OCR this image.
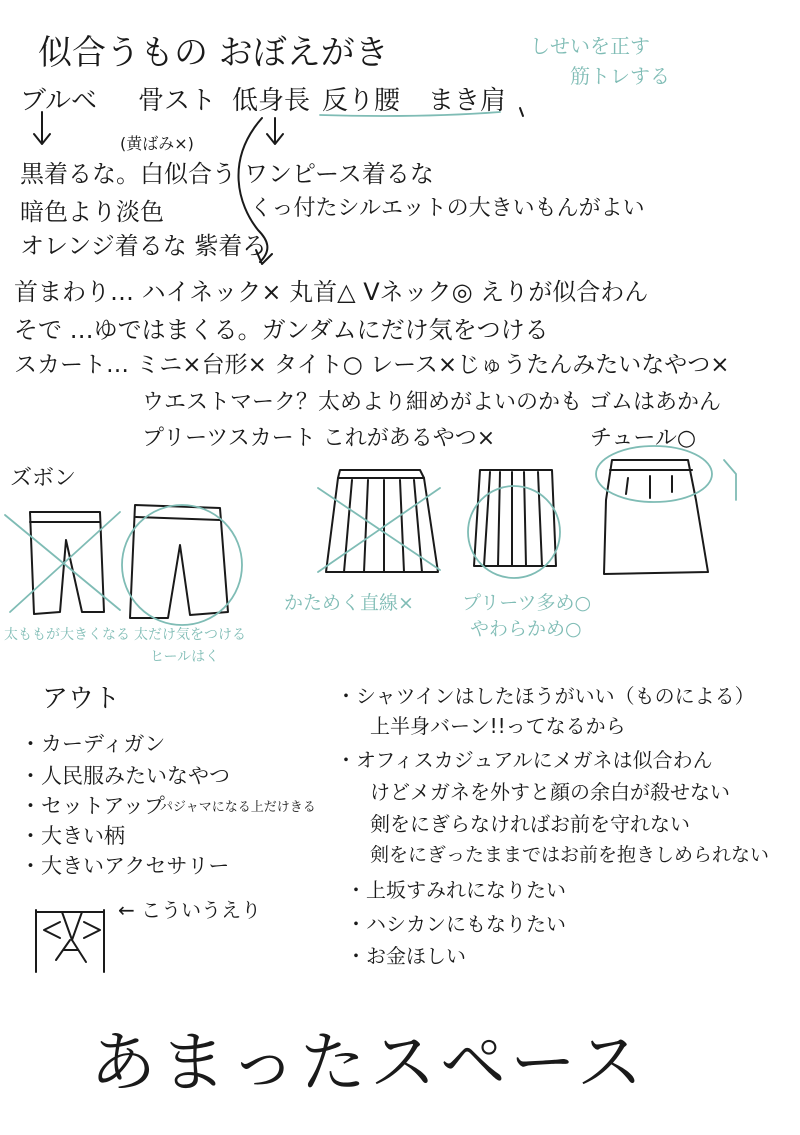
似合うもの おぼえがき	しせいを正す
筋トレする
ブルベ 骨スト 低身長 反り腰 まき肩
(黄ばみ×)
黒着るな。白似合う
暗色より淡色
オレンジ着るな 紫着ろ
ワンピース着るな
くっ付たシルエットの大きいもんがよい
首まわり… ハイネック× 丸首△ Vネック◎ えりが似合わん
そで …ゆではまくる。ガンダムにだけ気をつける
スカート… ミニ×台形× タイト○ レース×じゅうたんみたいなやつ×
ウエストマーク？太めより細めがよいのかも ゴムはあかん
プリーツスカート これがあるやつ×	チュール○
ズボン
太ももが大きくなる 太だけ気をつける
ヒールはく
かためく直線×	プリーツ多め○
やわらかめ○
アウト
・カーディガン
・人民服みたいなやつ
・セットアップ
パジャマになる上だけきる
・大きい柄
・大きいアクセサリー
← こういうえり
・シャツインはしたほうがいい（ものによる）
上半身バーン!!ってなるから
・オフィスカジュアルにメガネは似合わん
けどメガネを外すと顔の余白が殺せない
剣をにぎらなければお前を守れない
剣をにぎったままではお前を抱きしめられない
・上坂すみれになりたい
・ハシカンにもなりたい
・お金ほしい
あまったスペース
